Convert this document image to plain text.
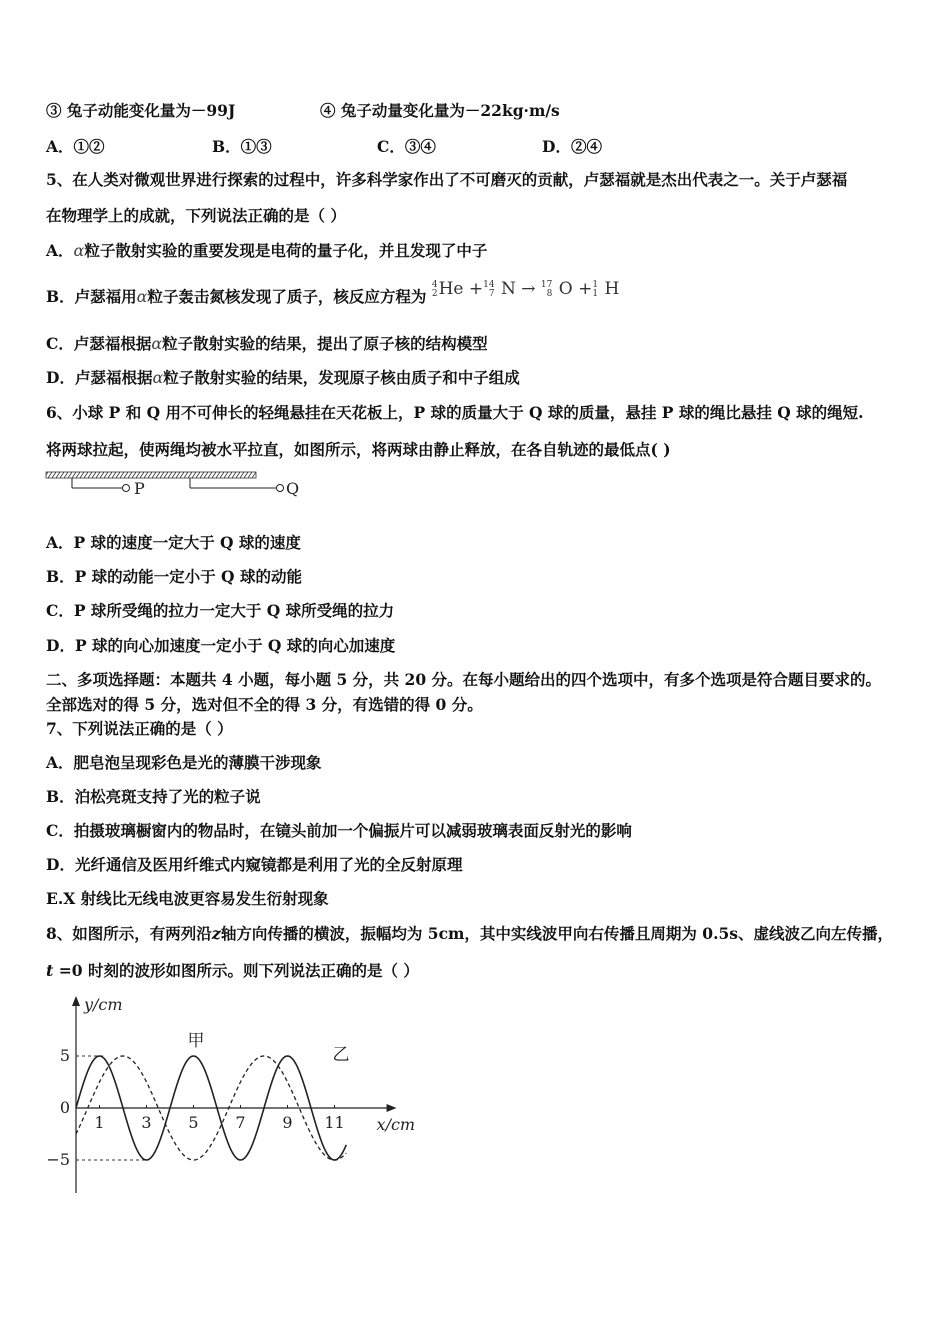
③ 兔子动能变化量为－99J	④ 兔子动量变化量为－22kg·m/s
A．①②	B．①③	C．③④	D．②④
5、在人类对微观世界进行探索的过程中，许多科学家作出了不可磨灭的贡献，卢瑟福就是杰出代表之一。关于卢瑟福
在物理学上的成就，下列说法正确的是（ ）
A．α粒子散射实验的重要发现是电荷的量子化，并且发现了中子
B．卢瑟福用α粒子轰击氮核发现了质子，核反应方程为
4
2 He + 14
7 N → 17
8 O + 1
1 H
C．卢瑟福根据α粒子散射实验的结果，提出了原子核的结构模型
D．卢瑟福根据α粒子散射实验的结果，发现原子核由质子和中子组成
6、小球 P 和 Q 用不可伸长的轻绳悬挂在天花板上，P 球的质量大于 Q 球的质量，悬挂 P 球的绳比悬挂 Q 球的绳短.
将两球拉起，使两绳均被水平拉直，如图所示，将两球由静止释放，在各自轨迹的最低点( )
P	Q
A．P 球的速度一定大于 Q 球的速度
B．P 球的动能一定小于 Q 球的动能
C．P 球所受绳的拉力一定大于 Q 球所受绳的拉力
D．P 球的向心加速度一定小于 Q 球的向心加速度
二、多项选择题：本题共 4 小题，每小题 5 分，共 20 分。在每小题给出的四个选项中，有多个选项是符合题目要求的。
全部选对的得 5 分，选对但不全的得 3 分，有选错的得 0 分。
7、下列说法正确的是（ ）
A．肥皂泡呈现彩色是光的薄膜干涉现象
B．泊松亮斑支持了光的粒子说
C．拍摄玻璃橱窗内的物品时，在镜头前加一个偏振片可以减弱玻璃表面反射光的影响
D．光纤通信及医用纤维式内窥镜都是利用了光的全反射原理
E.X 射线比无线电波更容易发生衍射现象
8、如图所示，有两列沿z轴方向传播的横波，振幅均为 5cm，其中实线波甲向右传播且周期为 0.5s、虚线波乙向左传播，
t =0 时刻的波形如图所示。则下列说法正确的是（ ）
1 3 5 7 9 11
5
0
−5
y/cm
x/cm
甲
乙
